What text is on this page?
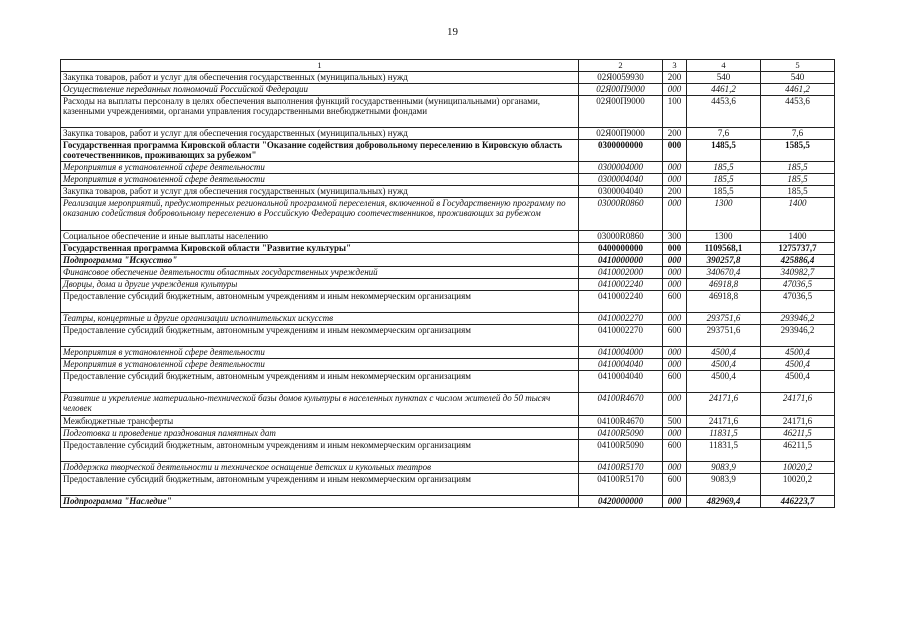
19
1	2	3	4	5
Закупка товаров, работ и услуг для обеспечения государственных (муниципальных) нужд	02Я0059930	200	540	540
Осуществление переданных полномочий Российской Федерации	02Я00П9000	000	4461,2	4461,2
Расходы на выплаты персоналу в целях обеспечения выполнения функций государственными (муниципальными) органами, казенными учреждениями, органами управления государственными внебюджетными фондами	02Я00П9000	100	4453,6	4453,6
Закупка товаров, работ и услуг для обеспечения государственных (муниципальных) нужд	02Я00П9000	200	7,6	7,6
Государственная программа Кировской области "Оказание содействия добровольному переселению в Кировскую область соотечественников, проживающих за рубежом"	0300000000	000	1485,5	1585,5
Мероприятия в установленной сфере деятельности	0300004000	000	185,5	185,5
Мероприятия в установленной сфере деятельности	0300004040	000	185,5	185,5
Закупка товаров, работ и услуг для обеспечения государственных (муниципальных) нужд	0300004040	200	185,5	185,5
Реализация мероприятий, предусмотренных региональной программой переселения, включенной в Государственную программу по оказанию содействия добровольному переселению в Российскую Федерацию соотечественников, проживающих за рубежом	03000R0860	000	1300	1400
Социальное обеспечение и иные выплаты населению	03000R0860	300	1300	1400
Государственная программа Кировской области "Развитие культуры"	0400000000	000	1109568,1	1275737,7
Подпрограмма "Искусство"	0410000000	000	390257,8	425886,4
Финансовое обеспечение деятельности областных государственных учреждений	0410002000	000	340670,4	340982,7
Дворцы, дома и другие учреждения культуры	0410002240	000	46918,8	47036,5
Предоставление субсидий бюджетным, автономным учреждениям и иным некоммерческим организациям	0410002240	600	46918,8	47036,5
Театры, концертные и другие организации исполнительских искусств	0410002270	000	293751,6	293946,2
Предоставление субсидий бюджетным, автономным учреждениям и иным некоммерческим организациям	0410002270	600	293751,6	293946,2
Мероприятия в установленной сфере деятельности	0410004000	000	4500,4	4500,4
Мероприятия в установленной сфере деятельности	0410004040	000	4500,4	4500,4
Предоставление субсидий бюджетным, автономным учреждениям и иным некоммерческим организациям	0410004040	600	4500,4	4500,4
Развитие и укрепление материально-технической базы домов культуры в населенных пунктах с числом жителей до 50 тысяч человек	04100R4670	000	24171,6	24171,6
Межбюджетные трансферты	04100R4670	500	24171,6	24171,6
Подготовка и проведение празднования памятных дат	04100R5090	000	11831,5	46211,5
Предоставление субсидий бюджетным, автономным учреждениям и иным некоммерческим организациям	04100R5090	600	11831,5	46211,5
Поддержка творческой деятельности и техническое оснащение детских и кукольных театров	04100R5170	000	9083,9	10020,2
Предоставление субсидий бюджетным, автономным учреждениям и иным некоммерческим организациям	04100R5170	600	9083,9	10020,2
Подпрограмма "Наследие"	0420000000	000	482969,4	446223,7
